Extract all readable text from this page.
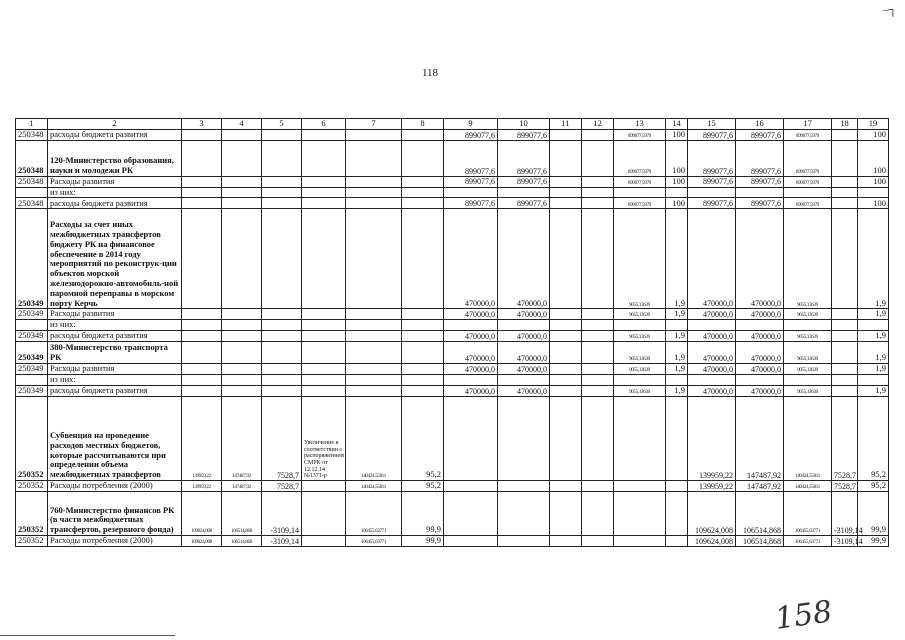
‒┐
118
1	2	3	4	5	6	7	8	9	10	11	12	13	14	15	16	17	18	19
250348	расходы бюджета развития							899077,6	899077,6			899077,5979	100	899077,6	899077,6	899077,5979		100
250348	120-Министерство образования, науки и молодежи РК							899077,6	899077,6			899077,5979	100	899077,6	899077,6	899077,5979		100
250348	Расходы развития							899077,6	899077,6			899077,5979	100	899077,6	899077,6	899077,5979		100
	из них:																	
250348	расходы бюджета развития							899077,6	899077,6			899077,5979	100	899077,6	899077,6	899077,5979		100
250349	Расходы за счет иных межбюджетных трансфертов бюджету РК на финансовое обеспечение в 2014 году мероприятий по реконструк-ции объектов морской железнодорожно-автомобиль-ной паромной переправы в морском порту Керчь							470000,0	470000,0			9055,13639	1,9	470000,0	470000,0	9055,13639		1,9
250349	Расходы развития							470000,0	470000,0			9055,13639	1,9	470000,0	470000,0	9055,13639		1,9
	из них:																	
250349	расходы бюджета развития							470000,0	470000,0			9055,13639	1,9	470000,0	470000,0	9055,13639		1,9
250349	380-Министерство транспорта РК							470000,0	470000,0			9055,13639	1,9	470000,0	470000,0	9055,13639		1,9
250349	Расходы развития							470000,0	470000,0			9055,13639	1,9	470000,0	470000,0	9055,13639		1,9
	из них:																	
250349	расходы бюджета развития							470000,0	470000,0			9055,13639	1,9	470000,0	470000,0	9055,13639		1,9
250352	Субвенция на проведение расходов местных бюджетов, которые рассчитываются при определении объема межбюджетных трансфертов	139959,22	147487,92	7528,7	Увеличение в соответствии с распоряжением СМРК от 12.12.14 №1371-р	140424,55811	95,2							139959,22	147487,92	140424,55811	7528,7	95,2
250352	Расходы потребления (2000)	139959,22	147487,92	7528,7		140424,55811	95,2							139959,22	147487,92	140424,55811	7528,7	95,2
250352	760-Министерство финансов РК (в части межбюджетных трансфертов, резервного фонда)	109624,008	106514,868	-3109,14		106455,63771	99,9							109624,008	106514,868	106455,63771	-3109,14	99,9
250352	Расходы потребления (2000)	109624,008	106514,868	-3109,14		106455,63771	99,9							109624,008	106514,868	106455,63771	-3109,14	99,9
158
